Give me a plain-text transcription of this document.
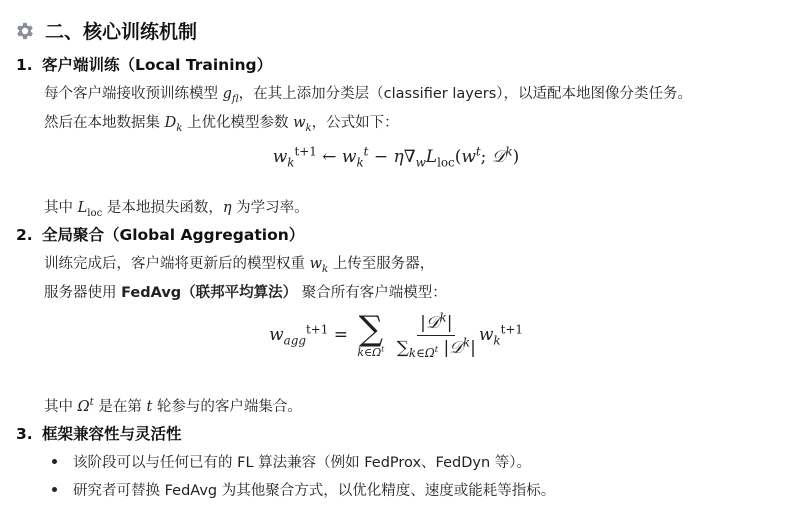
二、核心训练机制
1. 客户端训练（Local Training）
每个客户端接收预训练模型 $g_{fl}$，在其上添加分类层（classifier layers），以适配本地图像分类任务。
然后在本地数据集 $D_k$ 上优化模型参数 $w_k$，公式如下：
$w_k^{t+1}$ ← $w_k^t - \eta\nabla_wL_{loc}(w^t$; 𝒟$^k$)
其中 $L_{loc}$ 是本地损失函数，η 为学习率。
2. 全局聚合（Global Aggregation）
训练完成后，客户端将更新后的模型权重 $w_k$ 上传至服务器，
服务器使用 FedAvg（联邦平均算法） 聚合所有客户端模型：
$w_{agg}^{t+1}$ = ∑
$k\in\Omega^t$
$\frac{|𝒟^k|}{\sum_{k\in\Omega^t} |𝒟^k|} w_k^{t+1}$
其中 $\Omega^t$ 是在第 t 轮参与的客户端集合。
3. 框架兼容性与灵活性
该阶段可以与任何已有的 FL 算法兼容（例如 FedProx、FedDyn 等）。
研究者可替换 FedAvg 为其他聚合方式，以优化精度、速度或能耗等指标。
